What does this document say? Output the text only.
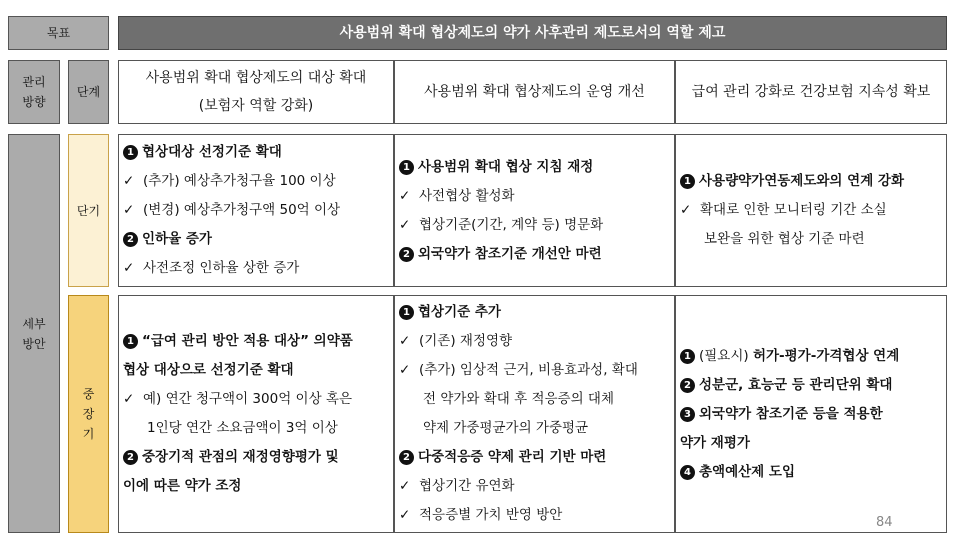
목표	사용범위 확대 협상제도의 약가 사후관리 제도로서의 역할 제고
관리 방향
단계
사용범위 확대 협상제도의 대상 확대
(보험자 역할 강화)
사용범위 확대 협상제도의 운영 개선	급여 관리 강화로 건강보험 지속성 확보
세부 방안
단기
중 장기
1 협상대상 선정기준 확대
✓ (추가) 예상추가청구율 100 이상
✓ (변경) 예상추가청구액 50억 이상
2 인하율 증가
✓ 사전조정 인하율 상한 증가
1 사용범위 확대 협상 지침 재정
✓ 사전협상 활성화
✓ 협상기준(기간, 계약 등) 명문화
2 외국약가 참조기준 개선안 마련
1 사용량약가연동제도와의 연계 강화
✓ 확대로 인한 모니터링 기간 소실
보완을 위한 협상 기준 마련
1 “급여 관리 방안 적용 대상” 의약품
협상 대상으로 선정기준 확대
✓ 예) 연간 청구액이 300억 이상 혹은
1인당 연간 소요금액이 3억 이상
2 중장기적 관점의 재정영향평가 및
이에 따른 약가 조정
1 협상기준 추가
✓ (기존) 재정영향
✓ (추가) 임상적 근거, 비용효과성, 확대
전 약가와 확대 후 적응증의 대체
약제 가중평균가의 가중평균
2 다중적응증 약제 관리 기반 마련
✓ 협상기간 유연화
✓ 적응증별 가치 반영 방안
1 (필요시) 허가-평가-가격협상 연계
2 성분군, 효능군 등 관리단위 확대
3 외국약가 참조기준 등을 적용한
약가 재평가
4 총액예산제 도입
84
